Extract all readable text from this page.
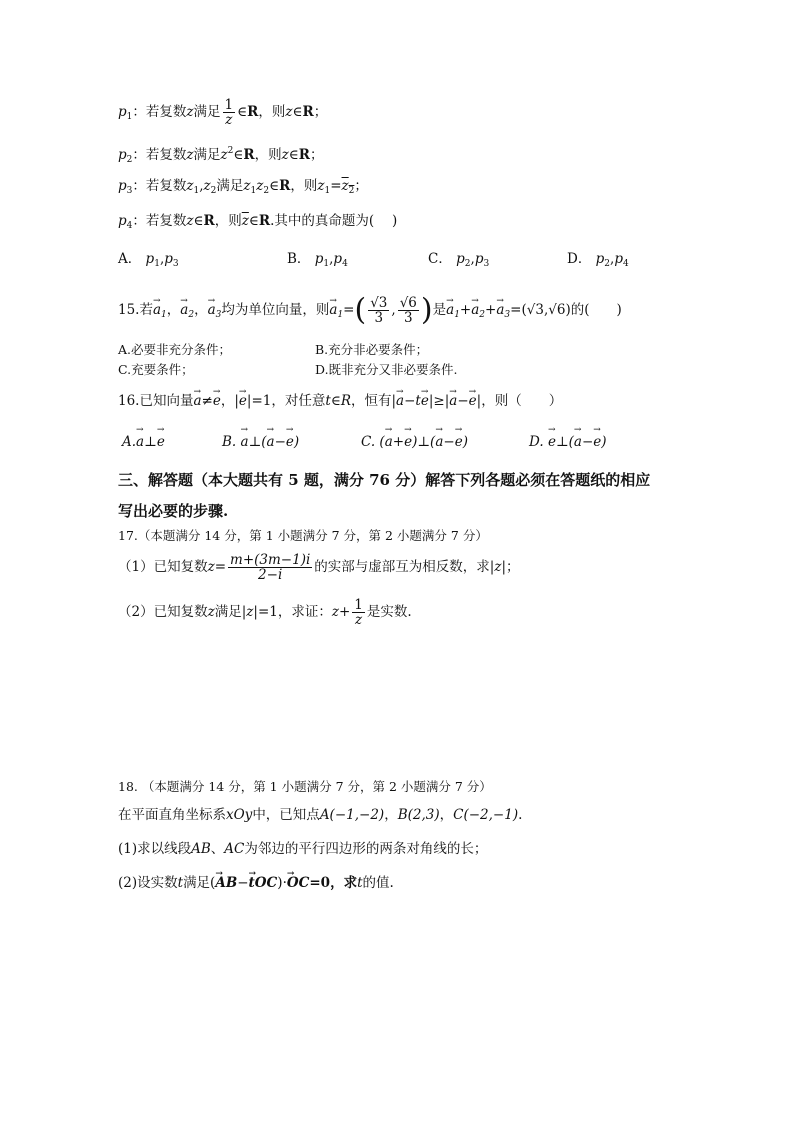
$p_1$：若复数z满足 $\frac{1}{z}$ ∈R，则z∈R；
$p_2$：若复数z满足$z^2\in R$，则z∈R；
$p_3$：若复数$z_1,z_2$满足$z_1z_2\in R$，则$z_1=z_2$；
$p_4$：若复数z∈R，则$\overline{z}\in R$.其中的真命题为(　 )
A． $p_1,p_3$	B． $p_1,p_4$	C． $p_2,p_3$	D． $p_2,p_4$
15.若→ $a_1$，→ $a_2$，→ $a_3$均为单位向量，则→ $a_1=( \frac{√3}{3}$ , $\frac{√6}{3}$ )是→ $a_1+\to a_2+\to a_3=(√3,√6)$的(　　)
A.必要非充分条件；	B.充分非必要条件；
C.充要条件；	D.既非充分又非必要条件.
16.已知向量→ a≠→ e，|→ e|=1，对任意t∈R，恒有|→ a−t→ e|≥|→ a−→ e|，则（　　）
A.→ a⊥→ e	B. → a⊥(→ a−→ e)	C. (→ a+→ e)⊥(→ a−→ e)	D. → e⊥(→ a−→ e)
三、解答题（本大题共有 5 题，满分 76 分）解答下列各题必须在答题纸的相应
写出必要的步骤.
17.（本题满分 14 分，第 1 小题满分 7 分，第 2 小题满分 7 分）
（1）已知复数$z= \frac{m+(3m-1)i}{2-i}$ 的实部与虚部互为相反数，求|z|；
（2）已知复数z满足|z|=1，求证：$z+ \frac{1}{z}$ 是实数.
18. （本题满分 14 分，第 1 小题满分 7 分，第 2 小题满分 7 分）
在平面直角坐标系xOy中，已知点A(−1,−2)，B(2,3)，C(−2,−1).
(1)求以线段AB、AC为邻边的平行四边形的两条对角线的长；
(2)设实数t满足(→ AB−→ tOC)·→ OC=0，求t的值.
